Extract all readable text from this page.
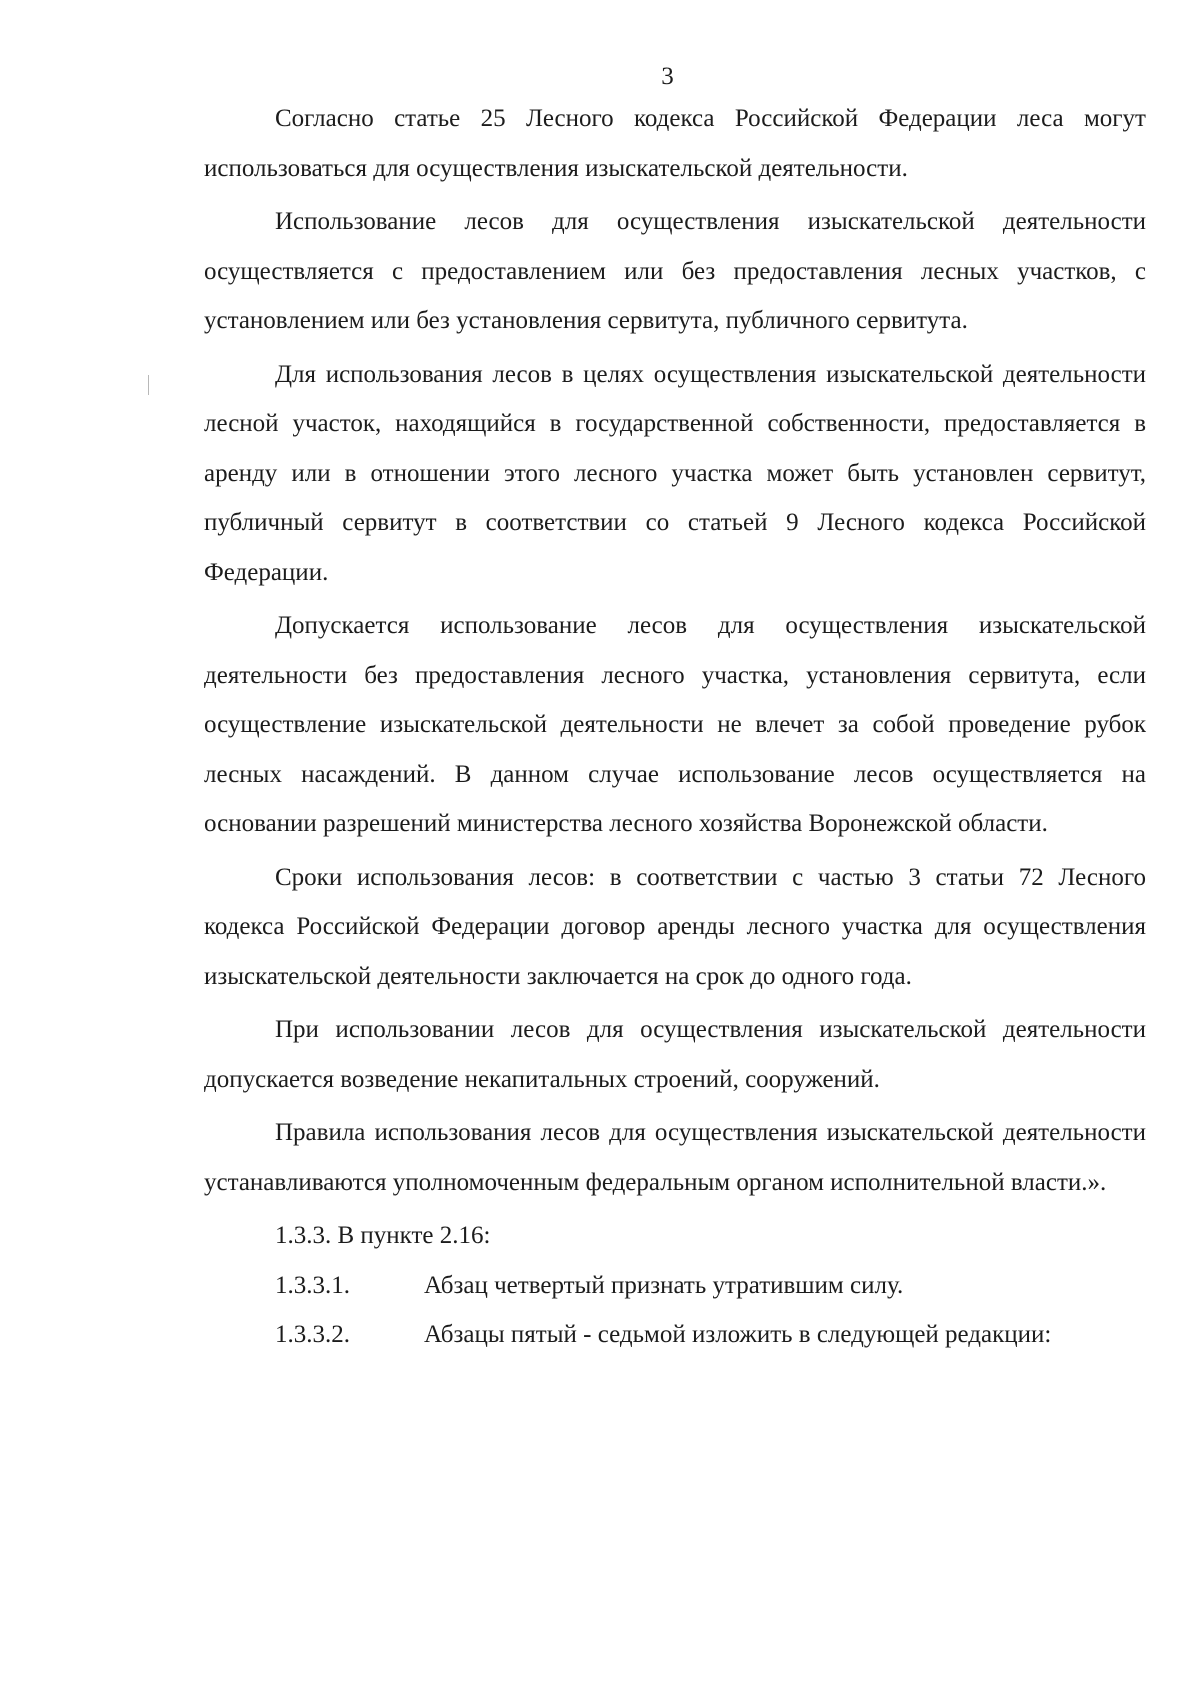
3

Согласно статье 25 Лесного кодекса Российской Федерации леса могут использоваться для осуществления изыскательской деятельности.

Использование лесов для осуществления изыскательской деятельности осуществляется с предоставлением или без предоставления лесных участков, с установлением или без установления сервитута, публичного сервитута.

Для использования лесов в целях осуществления изыскательской деятельности лесной участок, находящийся в государственной собственности, предоставляется в аренду или в отношении этого лесного участка может быть установлен сервитут, публичный сервитут в соответствии со статьей 9 Лесного кодекса Российской Федерации.

Допускается использование лесов для осуществления изыскательской деятельности без предоставления лесного участка, установления сервитута, если осуществление изыскательской деятельности не влечет за собой проведение рубок лесных насаждений. В данном случае использование лесов осуществляется на основании разрешений министерства лесного хозяйства Воронежской области.

Сроки использования лесов: в соответствии с частью 3 статьи 72 Лесного кодекса Российской Федерации договор аренды лесного участка для осуществления изыскательской деятельности заключается на срок до одного года.

При использовании лесов для осуществления изыскательской деятельности допускается возведение некапитальных строений, сооружений.

Правила использования лесов для осуществления изыскательской деятельности устанавливаются уполномоченным федеральным органом исполнительной власти.».

1.3.3. В пункте 2.16:

1.3.3.1.	Абзац четвертый признать утратившим силу.
1.3.3.2.	Абзацы пятый - седьмой изложить в следующей редакции:
